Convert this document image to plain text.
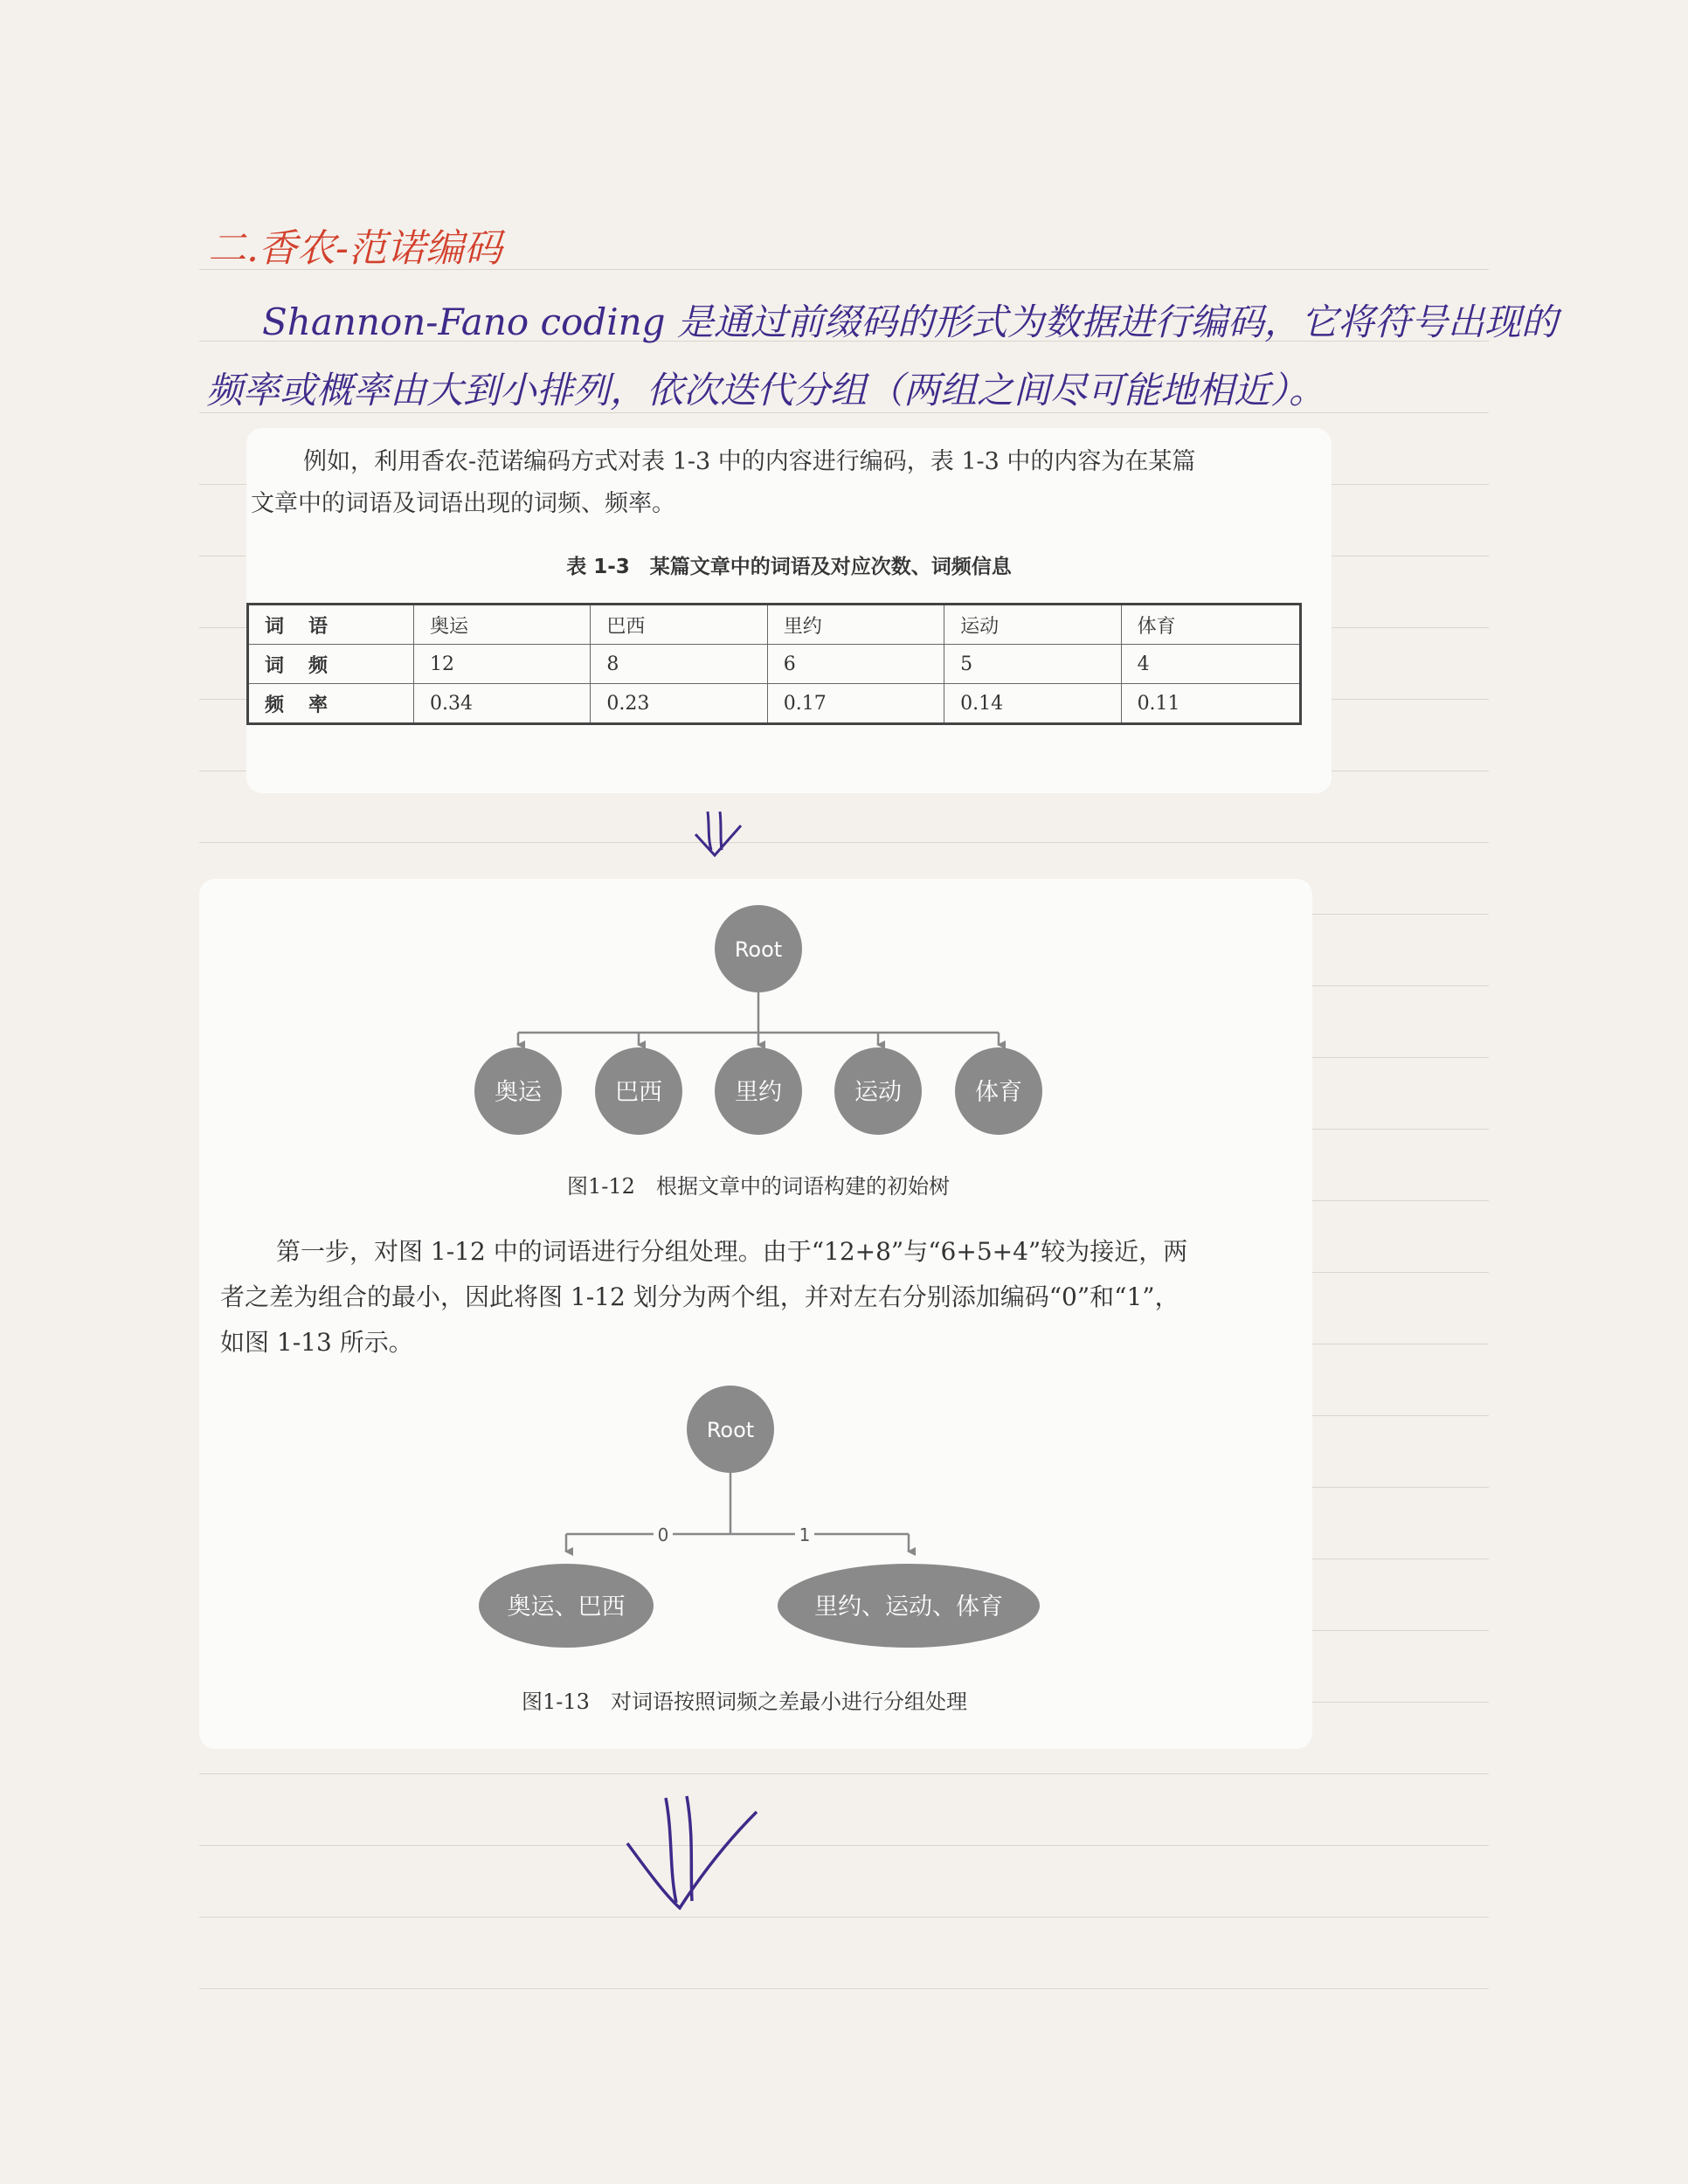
二.香农-范诺编码
Shannon-Fano coding 是通过前缀码的形式为数据进行编码，它将符号出现的
频率或概率由大到小排列，依次迭代分组（两组之间尽可能地相近）。
例如，利用香农-范诺编码方式对表 1-3 中的内容进行编码，表 1-3 中的内容为在某篇
文章中的词语及词语出现的词频、频率。
表 1-3　某篇文章中的词语及对应次数、词频信息
词语	奥运	巴西	里约	运动	体育
词频	12	8	6	5	4
频率	0.34	0.23	0.17	0.14	0.11
Root
奥运	巴西	里约	运动	体育
图1-12　根据文章中的词语构建的初始树
第一步，对图 1-12 中的词语进行分组处理。由于“12+8”与“6+5+4”较为接近，两
者之差为组合的最小，因此将图 1-12 划分为两个组，并对左右分别添加编码“0”和“1”，
如图 1-13 所示。
0	1
Root
奥运、巴西	里约、运动、体育
图1-13　对词语按照词频之差最小进行分组处理
